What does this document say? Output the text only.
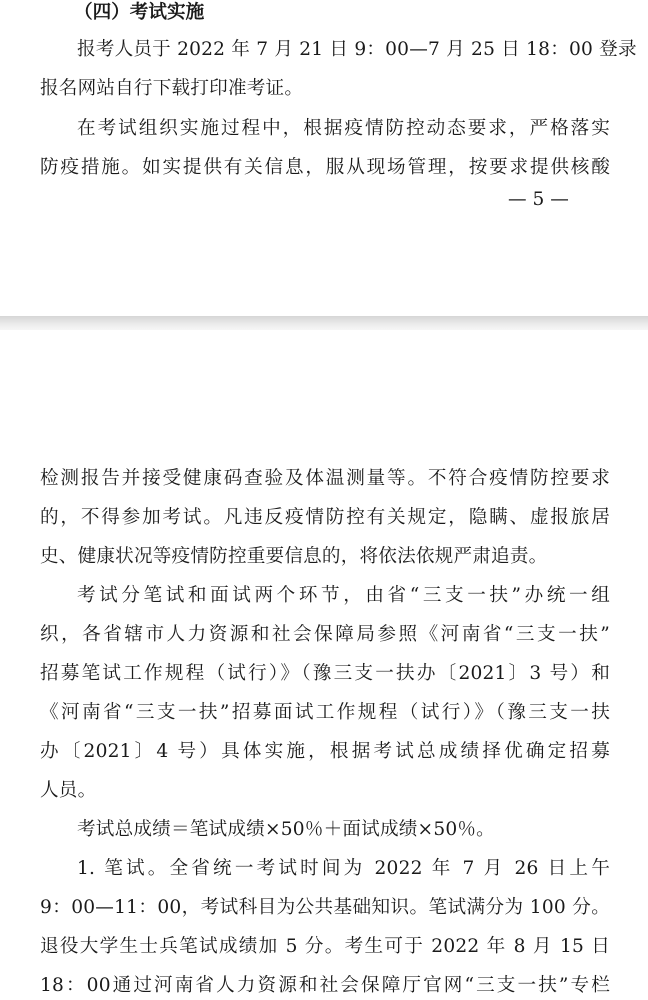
（四）考试实施
报考人员于 2022 年 7 月 21 日 9：00—7 月 25 日 18：00 登录
报名网站自行下载打印准考证。
在考试组织实施过程中，根据疫情防控动态要求，严格落实
防疫措施。如实提供有关信息，服从现场管理，按要求提供核酸
— 5 —
检测报告并接受健康码查验及体温测量等。不符合疫情防控要求
的，不得参加考试。凡违反疫情防控有关规定，隐瞒、虚报旅居
史、健康状况等疫情防控重要信息的，将依法依规严肃追责。
考试分笔试和面试两个环节，由省“三支一扶”办统一组
织，各省辖市人力资源和社会保障局参照《河南省“三支一扶”
招募笔试工作规程（试行）》（豫三支一扶办〔2021〕3 号）和
《河南省“三支一扶”招募面试工作规程（试行）》（豫三支一扶
办〔2021〕4 号）具体实施，根据考试总成绩择优确定招募
人员。
考试总成绩＝笔试成绩×50％＋面试成绩×50％。
1. 笔试。全省统一考试时间为 2022 年 7 月 26 日上午
9：00—11：00，考试科目为公共基础知识。笔试满分为 100 分。
退役大学生士兵笔试成绩加 5 分。考生可于 2022 年 8 月 15 日
18：00通过河南省人力资源和社会保障厅官网“三支一扶”专栏
